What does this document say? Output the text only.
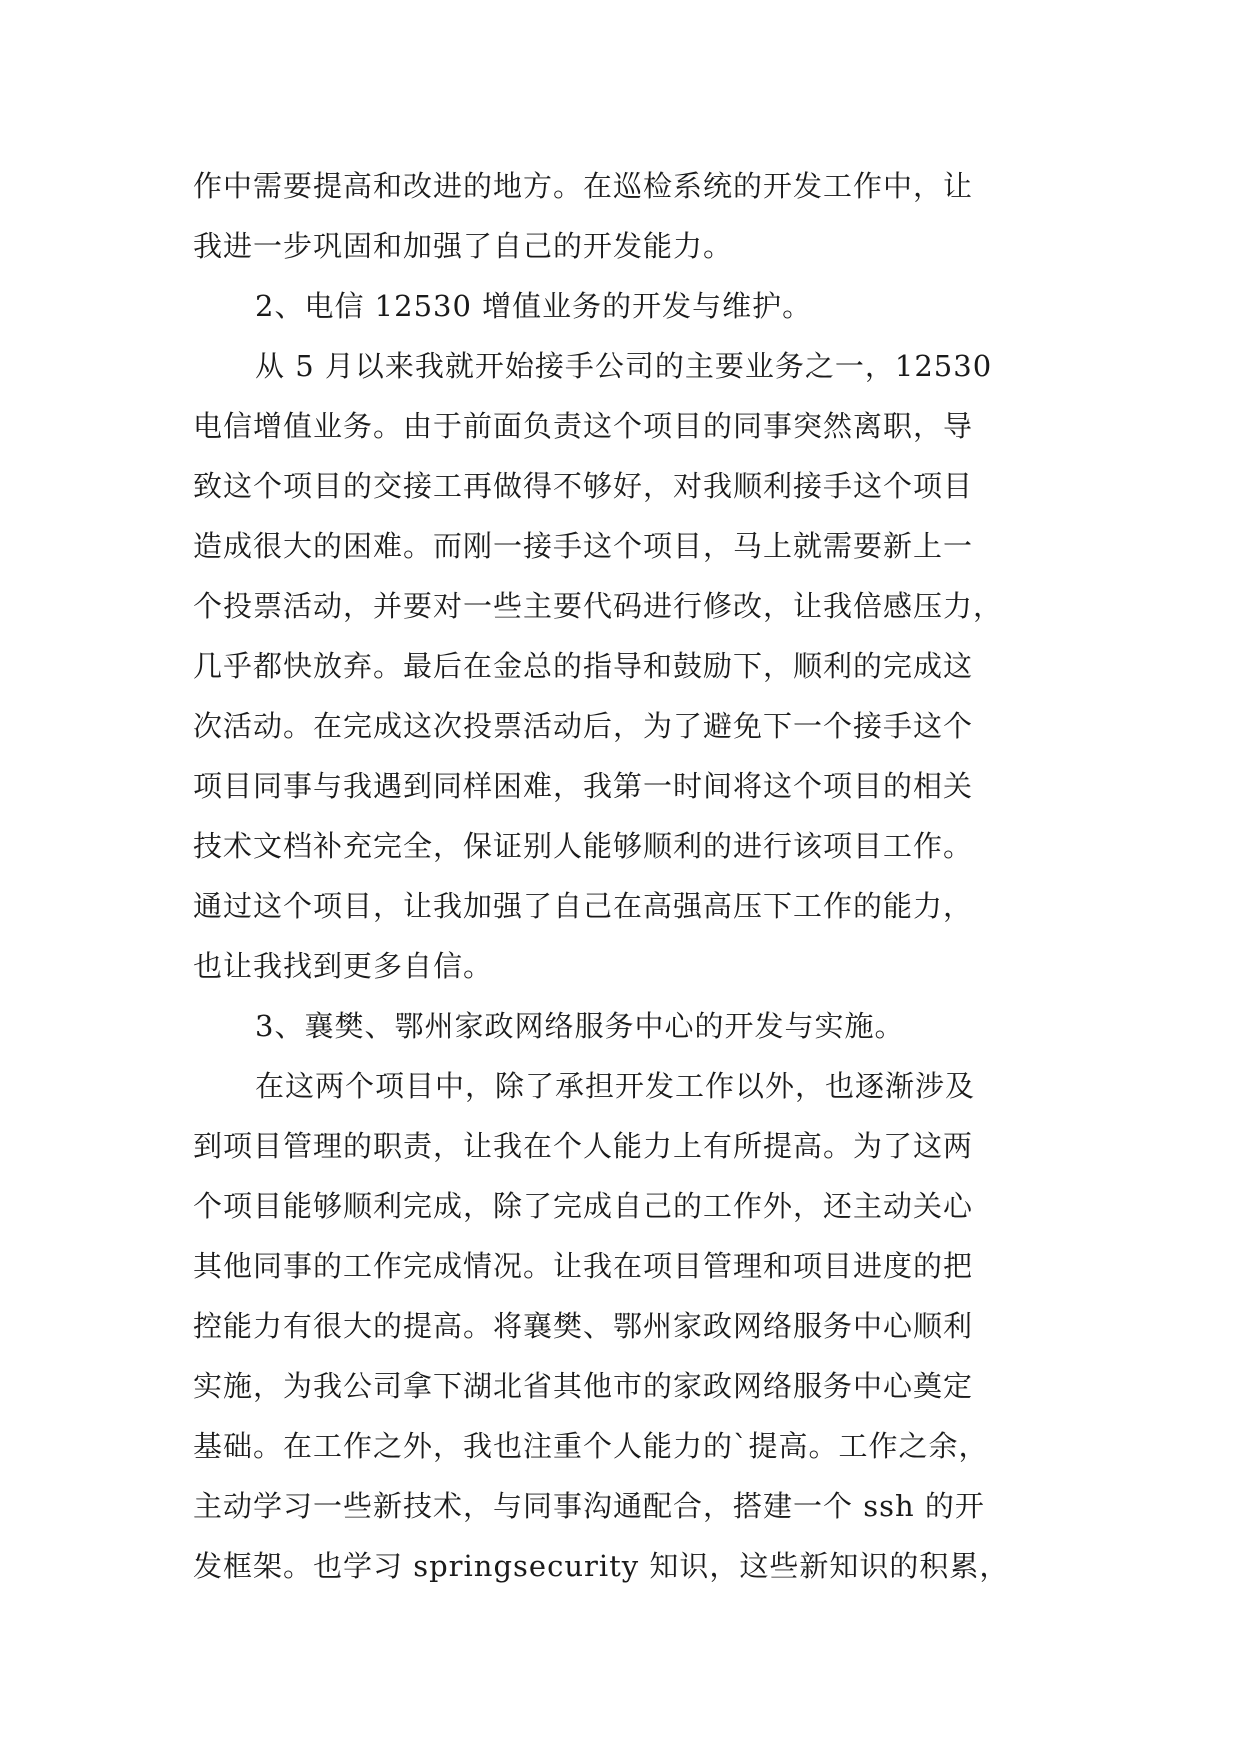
作中需要提高和改进的地方。在巡检系统的开发工作中，让
我进一步巩固和加强了自己的开发能力。
2、电信 12530 增值业务的开发与维护。
从 5 月以来我就开始接手公司的主要业务之一，12530
电信增值业务。由于前面负责这个项目的同事突然离职，导
致这个项目的交接工再做得不够好，对我顺利接手这个项目
造成很大的困难。而刚一接手这个项目，马上就需要新上一
个投票活动，并要对一些主要代码进行修改，让我倍感压力，
几乎都快放弃。最后在金总的指导和鼓励下，顺利的完成这
次活动。在完成这次投票活动后，为了避免下一个接手这个
项目同事与我遇到同样困难，我第一时间将这个项目的相关
技术文档补充完全，保证别人能够顺利的进行该项目工作。
通过这个项目，让我加强了自己在高强高压下工作的能力，
也让我找到更多自信。
3、襄樊、鄂州家政网络服务中心的开发与实施。
在这两个项目中，除了承担开发工作以外，也逐渐涉及
到项目管理的职责，让我在个人能力上有所提高。为了这两
个项目能够顺利完成，除了完成自己的工作外，还主动关心
其他同事的工作完成情况。让我在项目管理和项目进度的把
控能力有很大的提高。将襄樊、鄂州家政网络服务中心顺利
实施，为我公司拿下湖北省其他市的家政网络服务中心奠定
基础。在工作之外，我也注重个人能力的`提高。工作之余，
主动学习一些新技术，与同事沟通配合，搭建一个 ssh 的开
发框架。也学习 springsecurity 知识，这些新知识的积累，
